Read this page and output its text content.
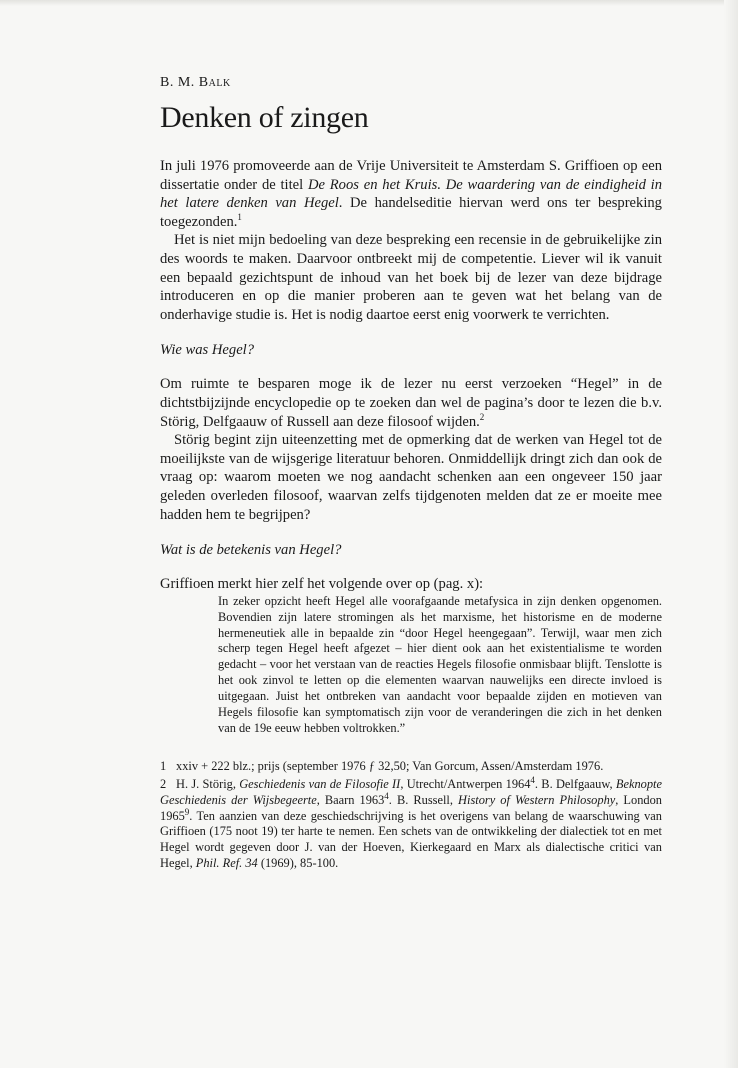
B. M. Balk
Denken of zingen

In juli 1976 promoveerde aan de Vrije Universiteit te Amsterdam S. Griffioen op een dissertatie onder de titel De Roos en het Kruis. De waardering van de eindigheid in het latere denken van Hegel. De handelseditie hiervan werd ons ter bespreking toegezonden.$^1$

Het is niet mijn bedoeling van deze bespreking een recensie in de gebruikelijke zin des woords te maken. Daarvoor ontbreekt mij de competentie. Liever wil ik vanuit een bepaald gezichtspunt de inhoud van het boek bij de lezer van deze bijdrage introduceren en op die manier proberen aan te geven wat het belang van de onderhavige studie is. Het is nodig daartoe eerst enig voorwerk te verrichten.

Wie was Hegel?

Om ruimte te besparen moge ik de lezer nu eerst verzoeken “Hegel” in de dichtstbijzijnde encyclopedie op te zoeken dan wel de pagina’s door te lezen die b.v. Störig, Delfgaauw of Russell aan deze filosoof wijden.$^2$

Störig begint zijn uiteenzetting met de opmerking dat de werken van Hegel tot de moeilijkste van de wijsgerige literatuur behoren. Onmiddellijk dringt zich dan ook de vraag op: waarom moeten we nog aandacht schenken aan een ongeveer 150 jaar geleden overleden filosoof, waarvan zelfs tijdgenoten melden dat ze er moeite mee hadden hem te begrijpen?

Wat is de betekenis van Hegel?

Griffioen merkt hier zelf het volgende over op (pag. x):

In zeker opzicht heeft Hegel alle voorafgaande metafysica in zijn denken opgenomen. Bovendien zijn latere stromingen als het marxisme, het historisme en de moderne hermeneutiek alle in bepaalde zin “door Hegel heengegaan”. Terwijl, waar men zich scherp tegen Hegel heeft afgezet – hier dient ook aan het existentialisme te worden gedacht – voor het verstaan van de reacties Hegels filosofie onmisbaar blijft. Tenslotte is het ook zinvol te letten op die elementen waarvan nauwelijks een directe invloed is uitgegaan. Juist het ontbreken van aandacht voor bepaalde zijden en motieven van Hegels filosofie kan symptomatisch zijn voor de veranderingen die zich in het denken van de 19e eeuw hebben voltrokken.”

1 xxiv + 222 blz.; prijs (september 1976 ƒ 32,50; Van Gorcum, Assen/Amsterdam 1976.

2 H. J. Störig, Geschiedenis van de Filosofie II, Utrecht/Antwerpen 1964$^4$. B. Delfgaauw, Beknopte Geschiedenis der Wijsbegeerte, Baarn 1963$^4$. B. Russell, History of Western Philosophy, London 1965$^9$. Ten aanzien van deze geschiedschrijving is het overigens van belang de waarschuwing van Griffioen (175 noot 19) ter harte te nemen. Een schets van de ontwikkeling der dialectiek tot en met Hegel wordt gegeven door J. van der Hoeven, Kierkegaard en Marx als dialectische critici van Hegel, Phil. Ref. 34 (1969), 85-100.
